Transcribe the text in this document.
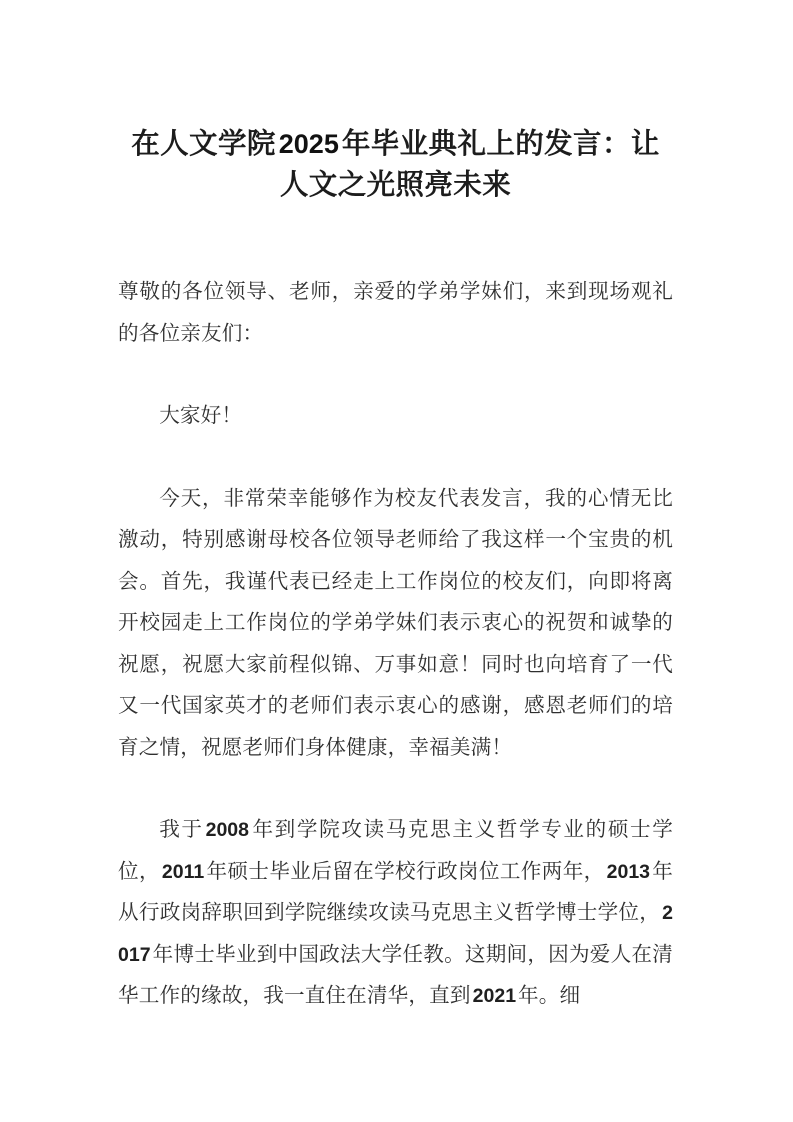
在人文学院 2025 年毕业典礼上的发言：让
人文之光照亮未来

尊敬的各位领导、老师，亲爱的学弟学妹们，来到现场观礼的各位亲友们：

大家好！

今天，非常荣幸能够作为校友代表发言，我的心情无比激动，特别感谢母校各位领导老师给了我这样一个宝贵的机会。首先，我谨代表已经走上工作岗位的校友们，向即将离开校园走上工作岗位的学弟学妹们表示衷心的祝贺和诚挚的祝愿，祝愿大家前程似锦、万事如意！同时也向培育了一代又一代国家英才的老师们表示衷心的感谢，感恩老师们的培育之情，祝愿老师们身体健康，幸福美满！

我于 2008年到学院攻读马克思主义哲学专业的硕士学位， 2011年硕士毕业后留在学校行政岗位工作两年， 2013年从行政岗辞职回到学院继续攻读马克思主义哲学博士学位， 2017年博士毕业到中国政法大学任教。这期间，因为爱人在清华工作的缘故，我一直住在清华，直到 2021年。细
